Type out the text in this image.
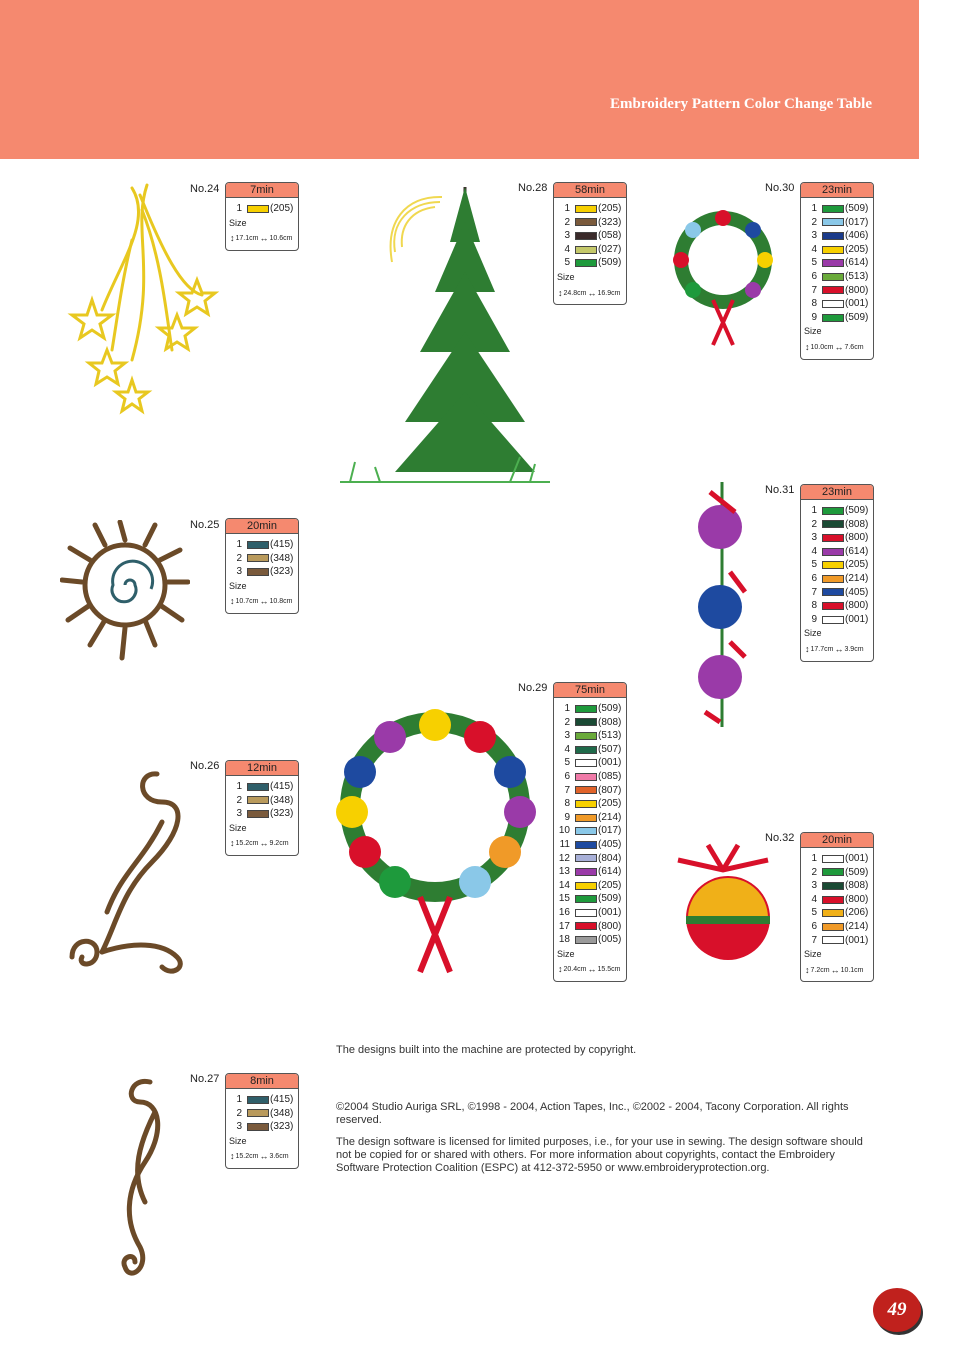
Embroidery Pattern Color Change Table
No.24	7min
1	(205)
Size
↕ 17.1cm ↔ 10.6cm
No.25	20min
1	(415)
2	(348)
3	(323)
Size
↕ 10.7cm ↔ 10.8cm
No.26	12min
1	(415)
2	(348)
3	(323)
Size
↕ 15.2cm ↔ 9.2cm
No.27	8min
1	(415)
2	(348)
3	(323)
Size
↕ 15.2cm ↔ 3.6cm
No.28	58min
1	(205)
2	(323)
3	(058)
4	(027)
5	(509)
Size
↕ 24.8cm ↔ 16.9cm
No.29	75min
1	(509)
2	(808)
3	(513)
4	(507)
5	(001)
6	(085)
7	(807)
8	(205)
9	(214)
10	(017)
11	(405)
12	(804)
13	(614)
14	(205)
15	(509)
16	(001)
17	(800)
18	(005)
Size
↕ 20.4cm ↔ 15.5cm
No.30	23min
1	(509)
2	(017)
3	(406)
4	(205)
5	(614)
6	(513)
7	(800)
8	(001)
9	(509)
Size
↕ 10.0cm ↔ 7.6cm
No.31	23min
1	(509)
2	(808)
3	(800)
4	(614)
5	(205)
6	(214)
7	(405)
8	(800)
9	(001)
Size
↕ 17.7cm ↔ 3.9cm
No.32	20min
1	(001)
2	(509)
3	(808)
4	(800)
5	(206)
6	(214)
7	(001)
Size
↕ 7.2cm ↔ 10.1cm
The designs built into the machine are protected by copyright.
©2004 Studio Auriga SRL, ©1998 - 2004, Action Tapes, Inc., ©2002 - 2004, Tacony Corporation. All rights reserved.
The design software is licensed for limited purposes, i.e., for your use in sewing. The design software should not be copied for or shared with others. For more information about copyrights, contact the Embroidery Software Protection Coalition (ESPC) at 412-372-5950 or www.embroideryprotection.org.
49
